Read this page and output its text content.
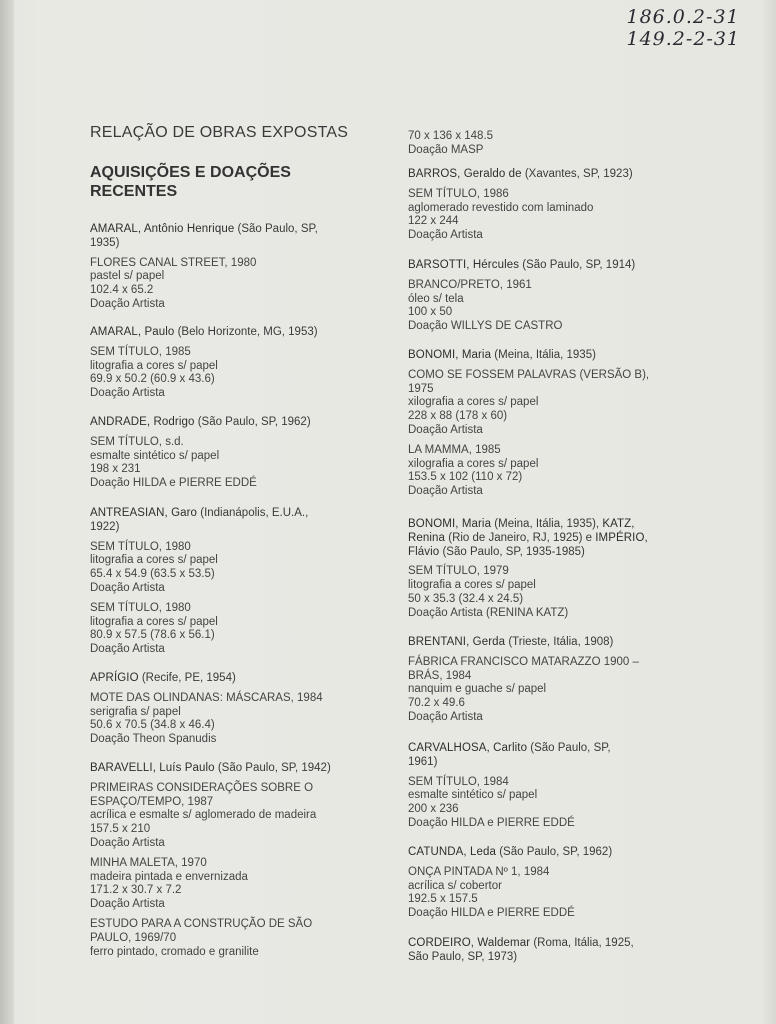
186.0.2-31
149.2-2-31
RELAÇÃO DE OBRAS EXPOSTAS
AQUISIÇÕES E DOAÇÕES RECENTES
AMARAL, Antônio Henrique (São Paulo, SP,
1935)
FLORES CANAL STREET, 1980
pastel s/ papel
102.4 x 65.2
Doação Artista
AMARAL, Paulo (Belo Horizonte, MG, 1953)
SEM TÍTULO, 1985
litografia a cores s/ papel
69.9 x 50.2 (60.9 x 43.6)
Doação Artista
ANDRADE, Rodrigo (São Paulo, SP, 1962)
SEM TÍTULO, s.d.
esmalte sintético s/ papel
198 x 231
Doação HILDA e PIERRE EDDÉ
ANTREASIAN, Garo (Indianápolis, E.U.A.,
1922)
SEM TÍTULO, 1980
litografia a cores s/ papel
65.4 x 54.9 (63.5 x 53.5)
Doação Artista
SEM TÍTULO, 1980
litografia a cores s/ papel
80.9 x 57.5 (78.6 x 56.1)
Doação Artista
APRÍGIO (Recife, PE, 1954)
MOTE DAS OLINDANAS: MÁSCARAS, 1984
serigrafia s/ papel
50.6 x 70.5 (34.8 x 46.4)
Doação Theon Spanudis
BARAVELLI, Luís Paulo (São Paulo, SP, 1942)
PRIMEIRAS CONSIDERAÇÕES SOBRE O
ESPAÇO/TEMPO, 1987
acrílica e esmalte s/ aglomerado de madeira
157.5 x 210
Doação Artista
MINHA MALETA, 1970
madeira pintada e envernizada
171.2 x 30.7 x 7.2
Doação Artista
ESTUDO PARA A CONSTRUÇÃO DE SÃO
PAULO, 1969/70
ferro pintado, cromado e granilite
70 x 136 x 148.5
Doação MASP
BARROS, Geraldo de (Xavantes, SP, 1923)
SEM TÍTULO, 1986
aglomerado revestido com laminado
122 x 244
Doação Artista
BARSOTTI, Hércules (São Paulo, SP, 1914)
BRANCO/PRETO, 1961
óleo s/ tela
100 x 50
Doação WILLYS DE CASTRO
BONOMI, Maria (Meina, Itália, 1935)
COMO SE FOSSEM PALAVRAS (VERSÃO B),
1975
xilografia a cores s/ papel
228 x 88 (178 x 60)
Doação Artista
LA MAMMA, 1985
xilografia a cores s/ papel
153.5 x 102 (110 x 72)
Doação Artista
BONOMI, Maria (Meina, Itália, 1935), KATZ,
Renina (Rio de Janeiro, RJ, 1925) e IMPÉRIO,
Flávio (São Paulo, SP, 1935-1985)
SEM TÍTULO, 1979
litografia a cores s/ papel
50 x 35.3 (32.4 x 24.5)
Doação Artista (RENINA KATZ)
BRENTANI, Gerda (Trieste, Itália, 1908)
FÁBRICA FRANCISCO MATARAZZO 1900 –
BRÁS, 1984
nanquim e guache s/ papel
70.2 x 49.6
Doação Artista
CARVALHOSA, Carlito (São Paulo, SP,
1961)
SEM TÍTULO, 1984
esmalte sintético s/ papel
200 x 236
Doação HILDA e PIERRE EDDÉ
CATUNDA, Leda (São Paulo, SP, 1962)
ONÇA PINTADA Nº 1, 1984
acrílica s/ cobertor
192.5 x 157.5
Doação HILDA e PIERRE EDDÉ
CORDEIRO, Waldemar (Roma, Itália, 1925,
São Paulo, SP, 1973)
